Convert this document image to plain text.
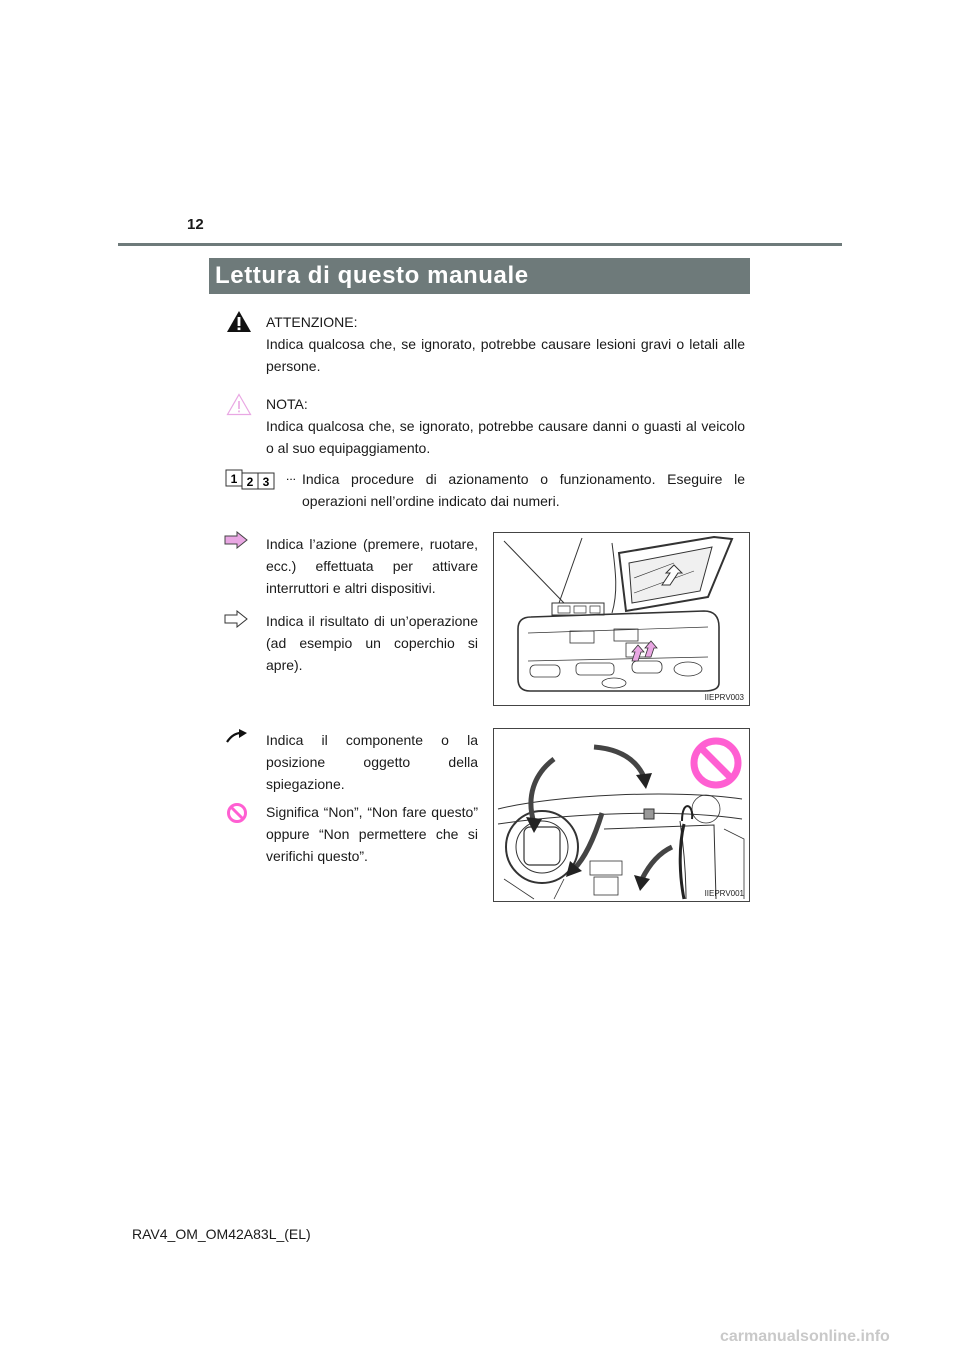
12
Lettura di questo manuale
ATTENZIONE:
Indica qualcosa che, se ignorato, potrebbe causare lesioni gravi o letali alle persone.
NOTA:
Indica qualcosa che, se ignorato, potrebbe causare danni o guasti al veicolo o al suo equipaggiamento.
1 2 3 ... Indica procedure di azionamento o funzionamento. Eseguire le operazioni nell’ordine indicato dai numeri.
Indica l’azione (premere, ruotare, ecc.) effettuata per attivare interruttori e altri dispositivi.
Indica il risultato di un’operazione (ad esempio un coperchio si apre).
IIEPRV003
Indica il componente o la posizione oggetto della spiegazione.
Significa “Non”, “Non fare questo” oppure “Non permettere che si verifichi questo”.
IIEPRV001
RAV4_OM_OM42A83L_(EL)
carmanualsonline.info
